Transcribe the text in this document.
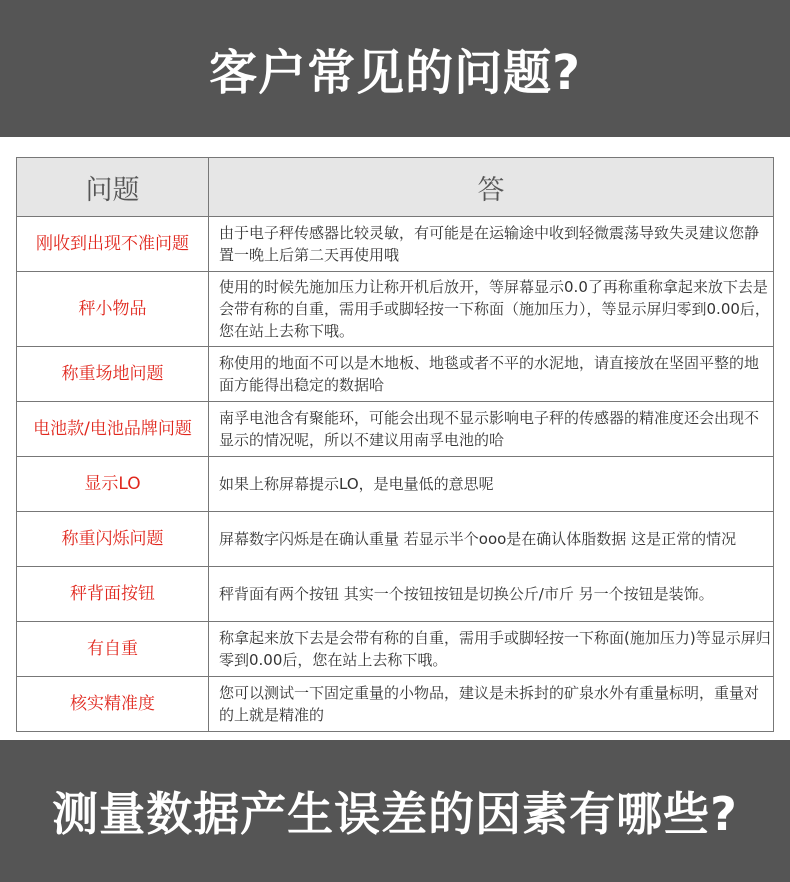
客户常见的问题?
问题	答
刚收到出现不准问题	由于电子秤传感器比较灵敏，有可能是在运输途中收到轻微震荡导致失灵建议您静置一晚上后第二天再使用哦
秤小物品	使用的时候先施加压力让称开机后放开，等屏幕显示0.0了再称重称拿起来放下去是会带有称的自重，需用手或脚轻按一下称面（施加压力），等显示屏归零到0.00后，您在站上去称下哦。
称重场地问题	称使用的地面不可以是木地板、地毯或者不平的水泥地，请直接放在坚固平整的地面方能得出稳定的数据哈
电池款/电池品牌问题	南孚电池含有聚能环，可能会出现不显示影响电子秤的传感器的精准度还会出现不显示的情况呢，所以不建议用南孚电池的哈
显示LO	如果上称屏幕提示LO，是电量低的意思呢
称重闪烁问题	屏幕数字闪烁是在确认重量 若显示半个ooo是在确认体脂数据 这是正常的情况
秤背面按钮	秤背面有两个按钮 其实一个按钮按钮是切换公斤/市斤 另一个按钮是装饰。
有自重	称拿起来放下去是会带有称的自重，需用手或脚轻按一下称面(施加压力)等显示屏归零到0.00后，您在站上去称下哦。
核实精准度	您可以测试一下固定重量的小物品，建议是未拆封的矿泉水外有重量标明，重量对的上就是精准的
测量数据产生误差的因素有哪些?
